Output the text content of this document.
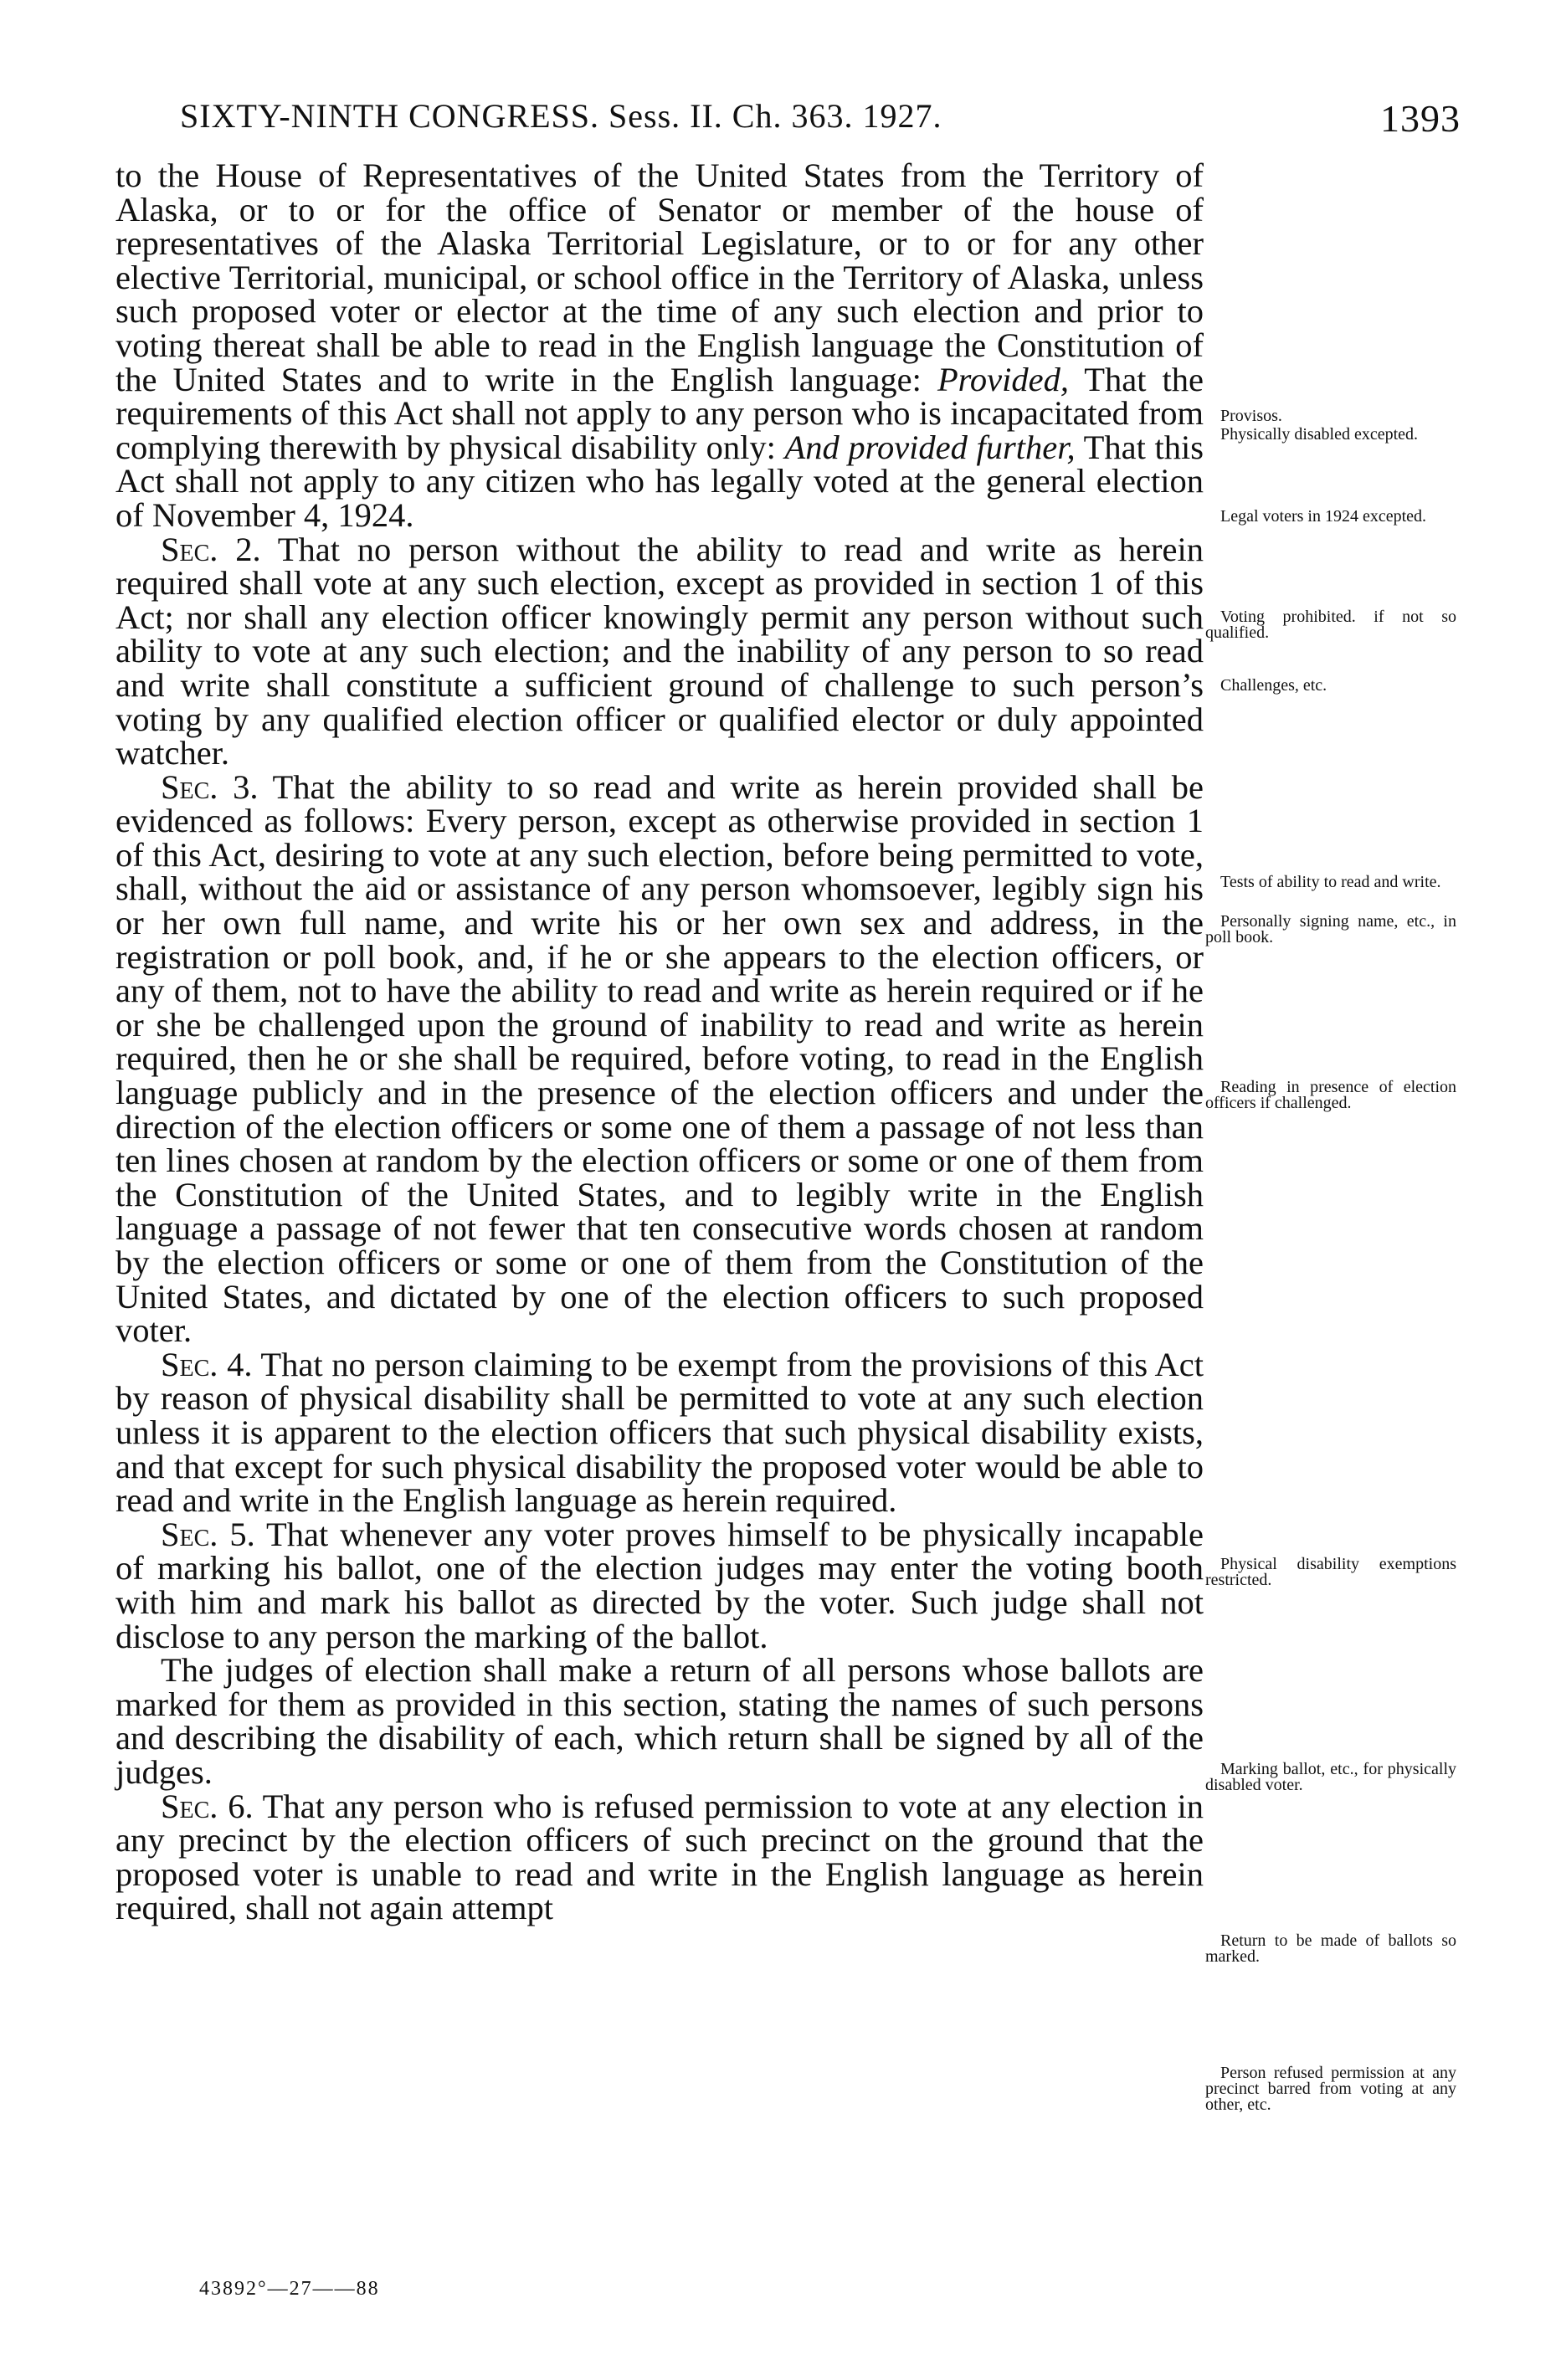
SIXTY-NINTH CONGRESS. Sess. II. Ch. 363. 1927.	1393

to the House of Representatives of the United States from the Territory of Alaska, or to or for the office of Senator or member of the house of representatives of the Alaska Territorial Legislature, or to or for any other elective Territorial, municipal, or school office in the Territory of Alaska, unless such proposed voter or elector at the time of any such election and prior to voting thereat shall be able to read in the English language the Constitution of the United States and to write in the English language: Provided, That the requirements of this Act shall not apply to any person who is incapacitated from complying therewith by physical disability only: And provided further, That this Act shall not apply to any citizen who has legally voted at the general election of November 4, 1924.

Sec. 2. That no person without the ability to read and write as herein required shall vote at any such election, except as provided in section 1 of this Act; nor shall any election officer knowingly permit any person without such ability to vote at any such election; and the inability of any person to so read and write shall constitute a sufficient ground of challenge to such person’s voting by any qualified election officer or qualified elector or duly appointed watcher.

Sec. 3. That the ability to so read and write as herein provided shall be evidenced as follows: Every person, except as otherwise provided in section 1 of this Act, desiring to vote at any such election, before being permitted to vote, shall, without the aid or assistance of any person whomsoever, legibly sign his or her own full name, and write his or her own sex and address, in the registration or poll book, and, if he or she appears to the election officers, or any of them, not to have the ability to read and write as herein required or if he or she be challenged upon the ground of inability to read and write as herein required, then he or she shall be required, before voting, to read in the English language publicly and in the presence of the election officers and under the direction of the election officers or some one of them a passage of not less than ten lines chosen at random by the election officers or some or one of them from the Constitution of the United States, and to legibly write in the English language a passage of not fewer that ten consecutive words chosen at random by the election officers or some or one of them from the Constitution of the United States, and dictated by one of the election officers to such proposed voter.

Sec. 4. That no person claiming to be exempt from the provisions of this Act by reason of physical disability shall be permitted to vote at any such election unless it is apparent to the election officers that such physical disability exists, and that except for such physical disability the proposed voter would be able to read and write in the English language as herein required.

Sec. 5. That whenever any voter proves himself to be physically incapable of marking his ballot, one of the election judges may enter the voting booth with him and mark his ballot as directed by the voter. Such judge shall not disclose to any person the marking of the ballot.

The judges of election shall make a return of all persons whose ballots are marked for them as provided in this section, stating the names of such persons and describing the disability of each, which return shall be signed by all of the judges.

Sec. 6. That any person who is refused permission to vote at any election in any precinct by the election officers of such precinct on the ground that the proposed voter is unable to read and write in the English language as herein required, shall not again attempt

Provisos.
Physically disabled excepted.
Legal voters in 1924 excepted.
Voting prohibited. if not so qualified.
Challenges, etc.
Tests of ability to read and write.
Personally signing name, etc., in poll book.
Reading in presence of election officers if challenged.
Physical disability exemptions restricted.
Marking ballot, etc., for physically disabled voter.
Return to be made of ballots so marked.
Person refused permission at any precinct barred from voting at any other, etc.
43892°—27——88
